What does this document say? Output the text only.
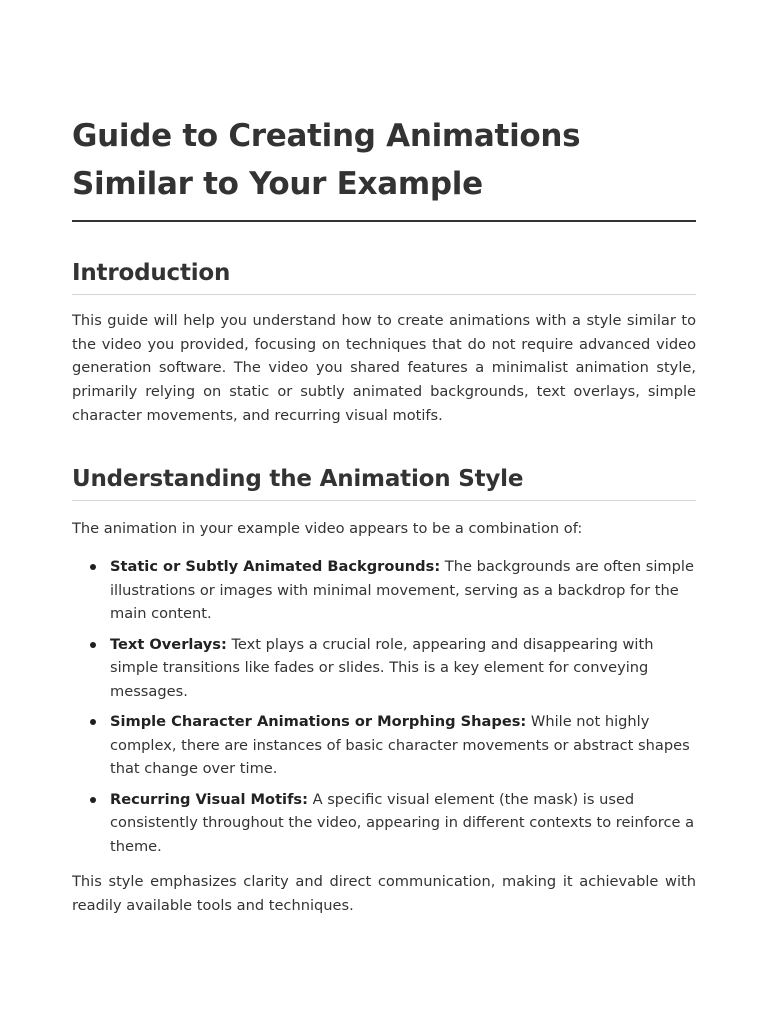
Guide to Creating Animations Similar to Your Example
Introduction

This guide will help you understand how to create animations with a style similar to the video you provided, focusing on techniques that do not require advanced video generation software. The video you shared features a minimalist animation style, primarily relying on static or subtly animated backgrounds, text overlays, simple character movements, and recurring visual motifs.

Understanding the Animation Style

The animation in your example video appears to be a combination of:

Static or Subtly Animated Backgrounds: The backgrounds are often simple illustrations or images with minimal movement, serving as a backdrop for the main content.
Text Overlays: Text plays a crucial role, appearing and disappearing with simple transitions like fades or slides. This is a key element for conveying messages.
Simple Character Animations or Morphing Shapes: While not highly complex, there are instances of basic character movements or abstract shapes that change over time.
Recurring Visual Motifs: A specific visual element (the mask) is used consistently throughout the video, appearing in different contexts to reinforce a theme.

This style emphasizes clarity and direct communication, making it achievable with readily available tools and techniques.
